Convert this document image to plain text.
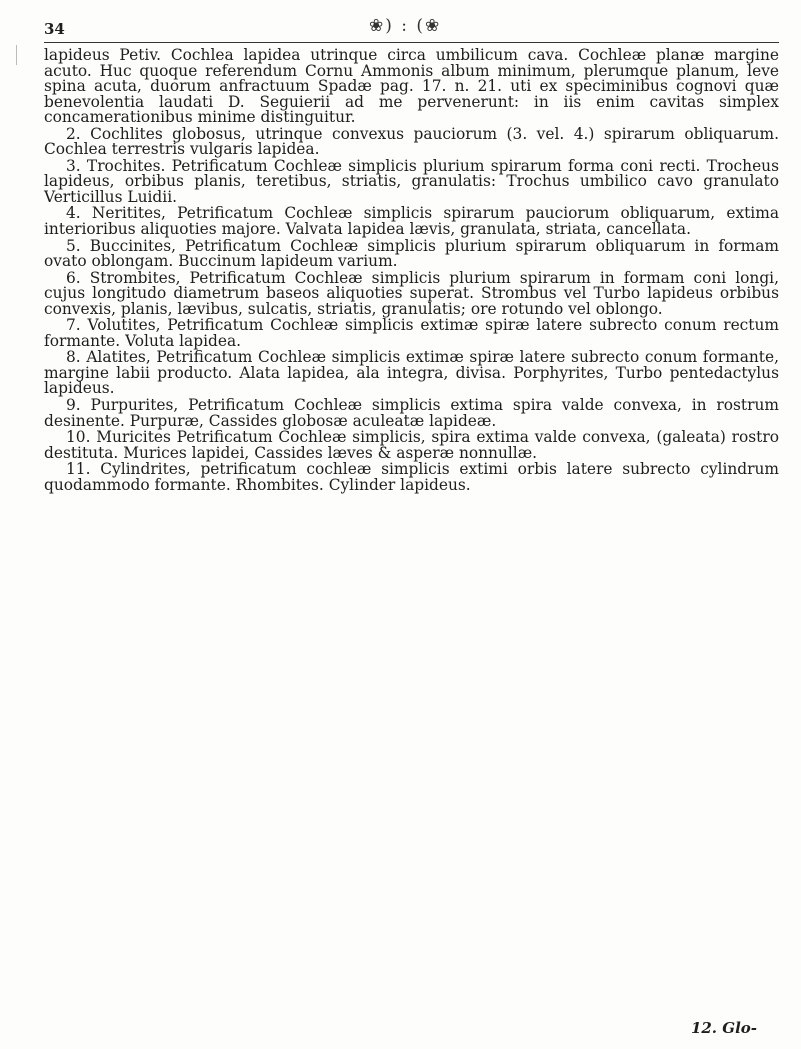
34	❀) : (❀

lapideus Petiv. Cochlea lapidea utrinque circa umbilicum cava. Cochleæ planæ margine acuto. Huc quoque referendum Cornu Ammonis album minimum, plerumque planum, leve spina acuta, duorum anfractuum Spadæ pag. 17. n. 21. uti ex speciminibus cognovi quæ benevolentia laudati D. Seguierii ad me pervenerunt: in iis enim cavitas simplex concamerationibus minime distinguitur.

2. Cochlites globosus, utrinque convexus pauciorum (3. vel. 4.) spirarum obliquarum. Cochlea terrestris vulgaris lapidea.

3. Trochites. Petrificatum Cochleæ simplicis plurium spirarum forma coni recti. Trocheus lapideus, orbibus planis, teretibus, striatis, granulatis: Trochus umbilico cavo granulato Verticillus Luidii.

4. Neritites, Petrificatum Cochleæ simplicis spirarum pauciorum obliquarum, extima interioribus aliquoties majore. Valvata lapidea lævis, granulata, striata, cancellata.

5. Buccinites, Petrificatum Cochleæ simplicis plurium spirarum obliquarum in formam ovato oblongam. Buccinum lapideum varium.

6. Strombites, Petrificatum Cochleæ simplicis plurium spirarum in formam coni longi, cujus longitudo diametrum baseos aliquoties superat. Strombus vel Turbo lapideus orbibus convexis, planis, lævibus, sulcatis, striatis, granulatis; ore rotundo vel oblongo.

7. Volutites, Petrificatum Cochleæ simplicis extimæ spiræ latere subrecto conum rectum formante. Voluta lapidea.

8. Alatites, Petrificatum Cochleæ simplicis extimæ spiræ latere subrecto conum formante, margine labii producto. Alata lapidea, ala integra, divisa. Porphyrites, Turbo pentedactylus lapideus.

9. Purpurites, Petrificatum Cochleæ simplicis extima spira valde convexa, in rostrum desinente. Purpuræ, Cassides globosæ aculeatæ lapideæ.

10. Muricites Petrificatum Cochleæ simplicis, spira extima valde convexa, (galeata) rostro destituta. Murices lapidei, Cassides læves & asperæ nonnullæ.

11. Cylindrites, petrificatum cochleæ simplicis extimi orbis latere subrecto cylindrum quodammodo formante. Rhombites. Cylinder lapideus.

12. Glo-
